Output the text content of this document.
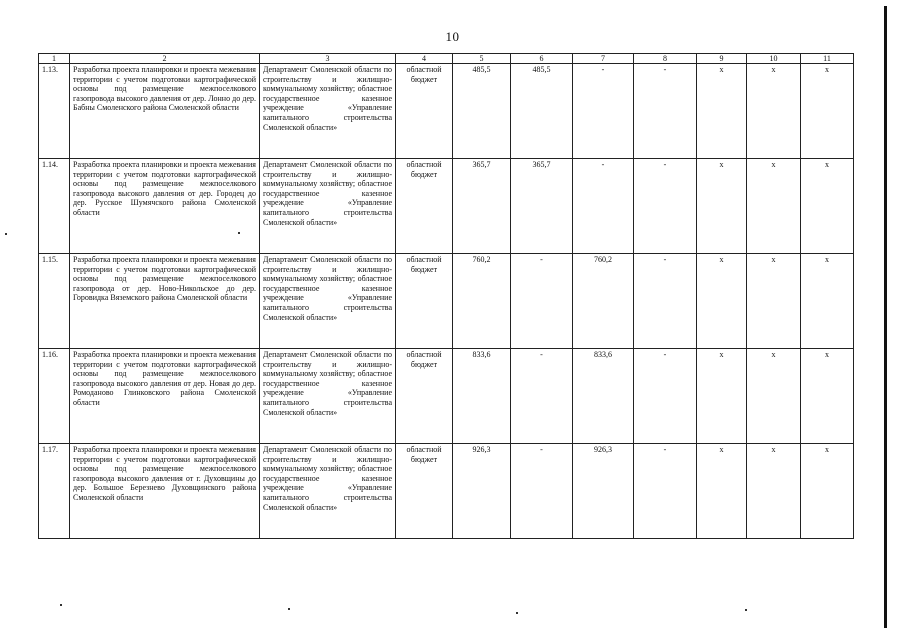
10
1	2	3	4	5	6	7	8	9	10	11
1.13.	Разработка проекта планировки и проекта межевания территории с учетом подготовки картографической основы под размещение межпоселкового газопровода высокого давления от дер. Лонно до дер. Бабны Смоленского района Смоленской области	Департамент Смоленской области по строительству и жилищно-коммунальному хозяйству; областное государственное казенное учреждение «Управление капитального строительства Смоленской области»	областной бюджет	485,5	485,5	-	-	х	х	х
1.14.	Разработка проекта планировки и проекта межевания территории с учетом подготовки картографической основы под размещение межпоселкового газопровода высокого давления от дер. Городец до дер. Русское Шумячского района Смоленской области	Департамент Смоленской области по строительству и жилищно-коммунальному хозяйству; областное государственное казенное учреждение «Управление капитального строительства Смоленской области»	областной бюджет	365,7	365,7	-	-	х	х	х
1.15.	Разработка проекта планировки и проекта межевания территории с учетом подготовки картографической основы под размещение межпоселкового газопровода от дер. Ново-Никольское до дер. Горовидка Вяземского района Смоленской области	Департамент Смоленской области по строительству и жилищно-коммунальному хозяйству; областное государственное казенное учреждение «Управление капитального строительства Смоленской области»	областной бюджет	760,2	-	760,2	-	х	х	х
1.16.	Разработка проекта планировки и проекта межевания территории с учетом подготовки картографической основы под размещение межпоселкового газопровода высокого давления от дер. Новая до дер. Ромоданово Глинковского района Смоленской области	Департамент Смоленской области по строительству и жилищно-коммунальному хозяйству; областное государственное казенное учреждение «Управление капитального строительства Смоленской области»	областной бюджет	833,6	-	833,6	-	х	х	х
1.17.	Разработка проекта планировки и проекта межевания территории с учетом подготовки картографической основы под размещение межпоселкового газопровода высокого давления от г. Духовщины до дер. Большое Березнево Духовщинского района Смоленской области	Департамент Смоленской области по строительству и жилищно-коммунальному хозяйству; областное государственное казенное учреждение «Управление капитального строительства Смоленской области»	областной бюджет	926,3	-	926,3	-	х	х	х
